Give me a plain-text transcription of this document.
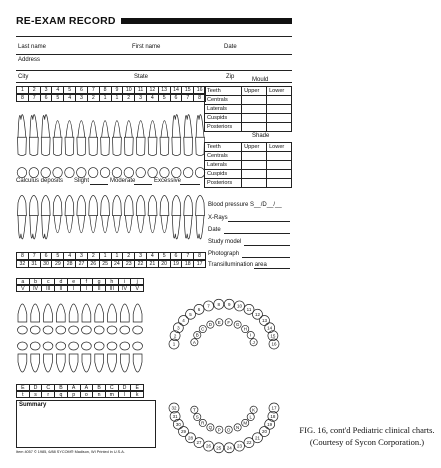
RE-EXAM RECORD
Last name	First name	Date
Address
City	State	Zip
1	2	3	4	5	6	7	8	9	10	11	12	13	14	15	16
8	7	6	5	4	3	2	1	1	2	3	4	5	6	7	8
Mould
Teeth	Upper	Lower
Centrals		
Laterals		
Cuspids		
Posteriors		
Shade
Teeth	Upper	Lower
Centrals		
Laterals		
Cuspids		
Posteriors		
Calculus deposits Slight	Moderate	Excessive
8	7	6	5	4	3	2	1	1	2	3	4	5	6	7	8
32	31	30	29	28	27	26	25	24	23	22	21	20	19	18	17
Blood pressure S__/D__/__
X-Rays
Date
Study model
Photograph
Transillumination area
a	b	c	d	e	f	g	h	i	j
V	IV	III	II	I	I	II	III	IV	V
E	D	C	B	A	A	B	C	D	E
t	s	r	q	p	o	n	m	l	k
Summary
Item 4057 © 1985, 6/88 SYCOM® Madison, WI Printed in U.S.A.
1
2
3
4
5
6
7 8 9 10
11
12
13
14
15
16
A
B
C
D E F G
H
I
J
17
18
19
20
21
22
23
24
25
26
27
28
29
30
31
32	K
L
M
N
O
P
Q
R
S
T
FIG. 16, cont'd Pediatric clinical charts.
(Courtesy of Sycon Corporation.)
